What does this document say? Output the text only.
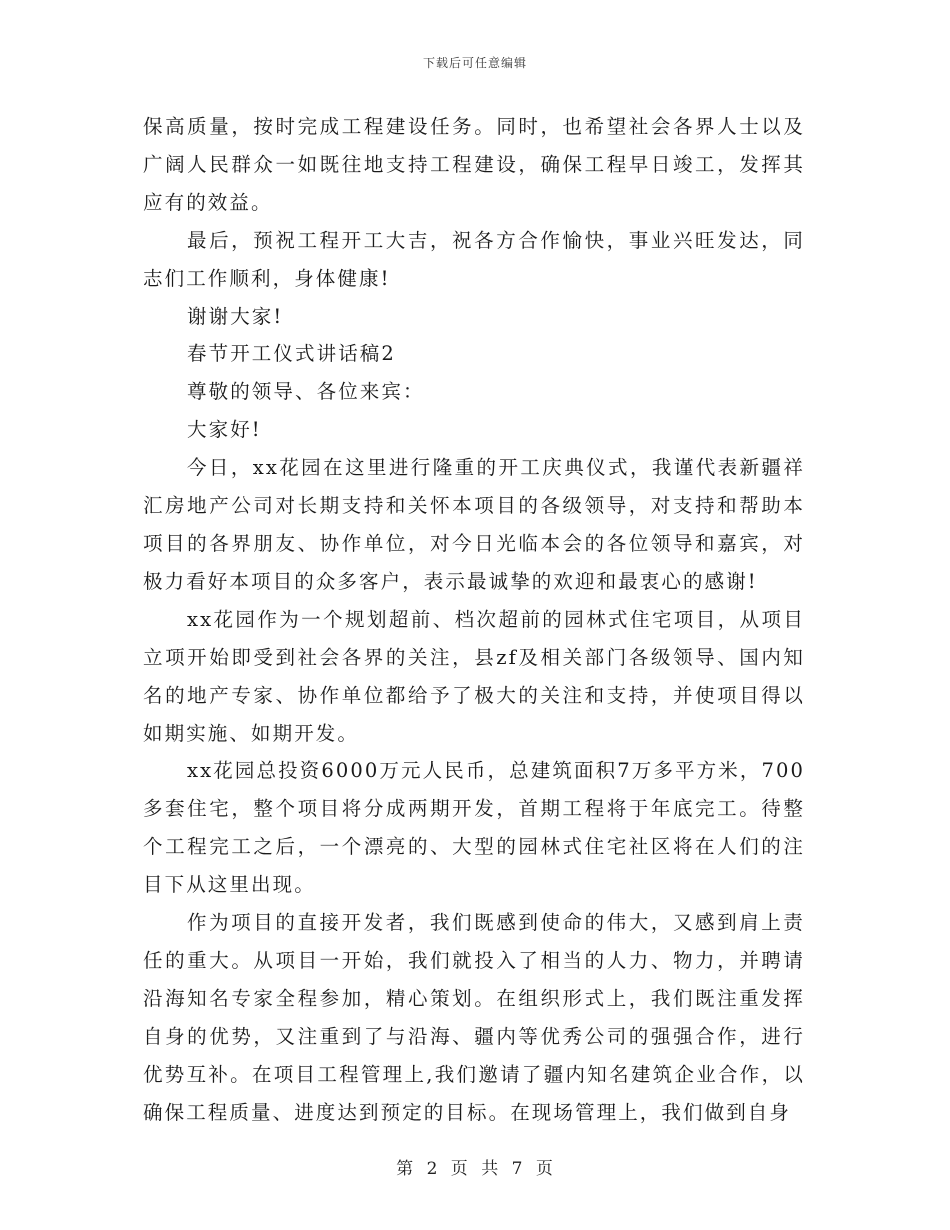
下载后可任意编辑

保高质量，按时完成工程建设任务。同时，也希望社会各界人士以及广阔人民群众一如既往地支持工程建设，确保工程早日竣工，发挥其应有的效益。

最后，预祝工程开工大吉，祝各方合作愉快，事业兴旺发达，同志们工作顺利，身体健康!

谢谢大家!

春节开工仪式讲话稿2

尊敬的领导、各位来宾：

大家好!

今日，xx花园在这里进行隆重的开工庆典仪式，我谨代表新疆祥汇房地产公司对长期支持和关怀本项目的各级领导，对支持和帮助本项目的各界朋友、协作单位，对今日光临本会的各位领导和嘉宾，对极力看好本项目的众多客户，表示最诚挚的欢迎和最衷心的感谢!

xx花园作为一个规划超前、档次超前的园林式住宅项目，从项目立项开始即受到社会各界的关注，县zf及相关部门各级领导、国内知名的地产专家、协作单位都给予了极大的关注和支持，并使项目得以如期实施、如期开发。

xx花园总投资6000万元人民币，总建筑面积7万多平方米，700多套住宅，整个项目将分成两期开发，首期工程将于年底完工。待整个工程完工之后，一个漂亮的、大型的园林式住宅社区将在人们的注目下从这里出现。

作为项目的直接开发者，我们既感到使命的伟大，又感到肩上责任的重大。从项目一开始，我们就投入了相当的人力、物力，并聘请沿海知名专家全程参加，精心策划。在组织形式上，我们既注重发挥自身的优势，又注重到了与沿海、疆内等优秀公司的强强合作，进行优势互补。在项目工程管理上,我们邀请了疆内知名建筑企业合作，以确保工程质量、进度达到预定的目标。在现场管理上，我们做到自身

第 2 页 共 7 页
